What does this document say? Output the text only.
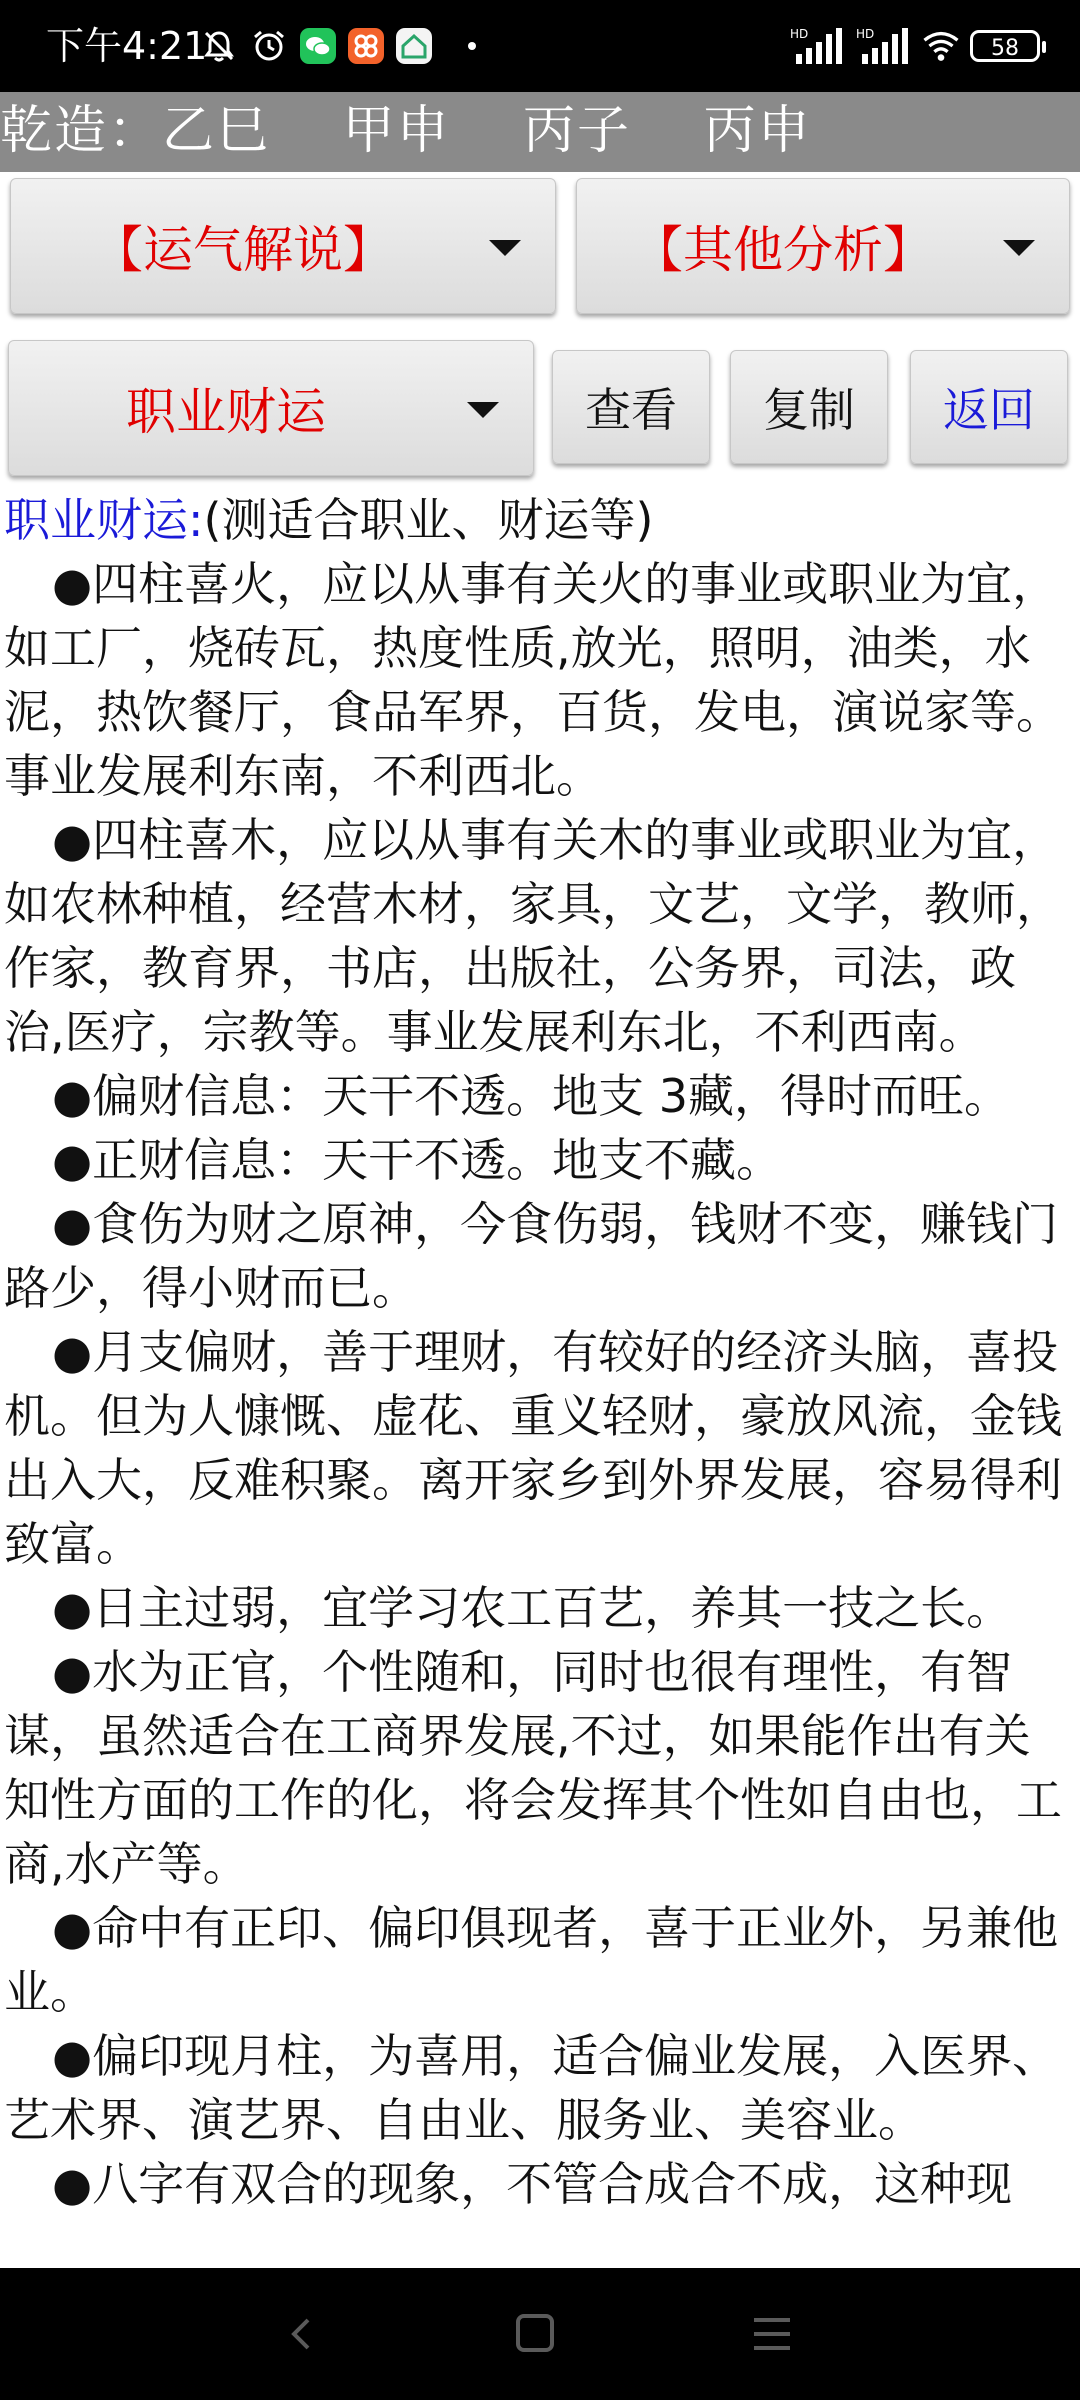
下午4:21	HD	HD
58
乾造：乙巳　 甲申　 丙子　 丙申
【运气解说】	【其他分析】
职业财运	查看	复制	返回
职业财运:(测适合职业、财运等)

●四柱喜火，应以从事有关火的事业或职业为宜，如工厂，烧砖瓦，热度性质,放光，照明，油类，水泥，热饮餐厅，食品军界，百货，发电，演说家等。事业发展利东南，不利西北。

●四柱喜木，应以从事有关木的事业或职业为宜，如农林种植，经营木材，家具，文艺，文学，教师，作家，教育界，书店，出版社，公务界，司法，政治,医疗，宗教等。事业发展利东北，不利西南。

●偏财信息：天干不透。地支 3藏，得时而旺。

●正财信息：天干不透。地支不藏。

●食伤为财之原神，今食伤弱，钱财不变，赚钱门路少，得小财而已。

●月支偏财，善于理财，有较好的经济头脑，喜投机。但为人慷慨、虚花、重义轻财，豪放风流，金钱出入大，反难积聚。离开家乡到外界发展，容易得利致富。

●日主过弱，宜学习农工百艺，养其一技之长。

●水为正官，个性随和，同时也很有理性，有智谋，虽然适合在工商界发展,不过，如果能作出有关知性方面的工作的化，将会发挥其个性如自由也，工商,水产等。

●命中有正印、偏印俱现者，喜于正业外，另兼他业。

●偏印现月柱，为喜用，适合偏业发展，入医界、艺术界、演艺界、自由业、服务业、美容业。

●八字有双合的现象，不管合成合不成，这种现
